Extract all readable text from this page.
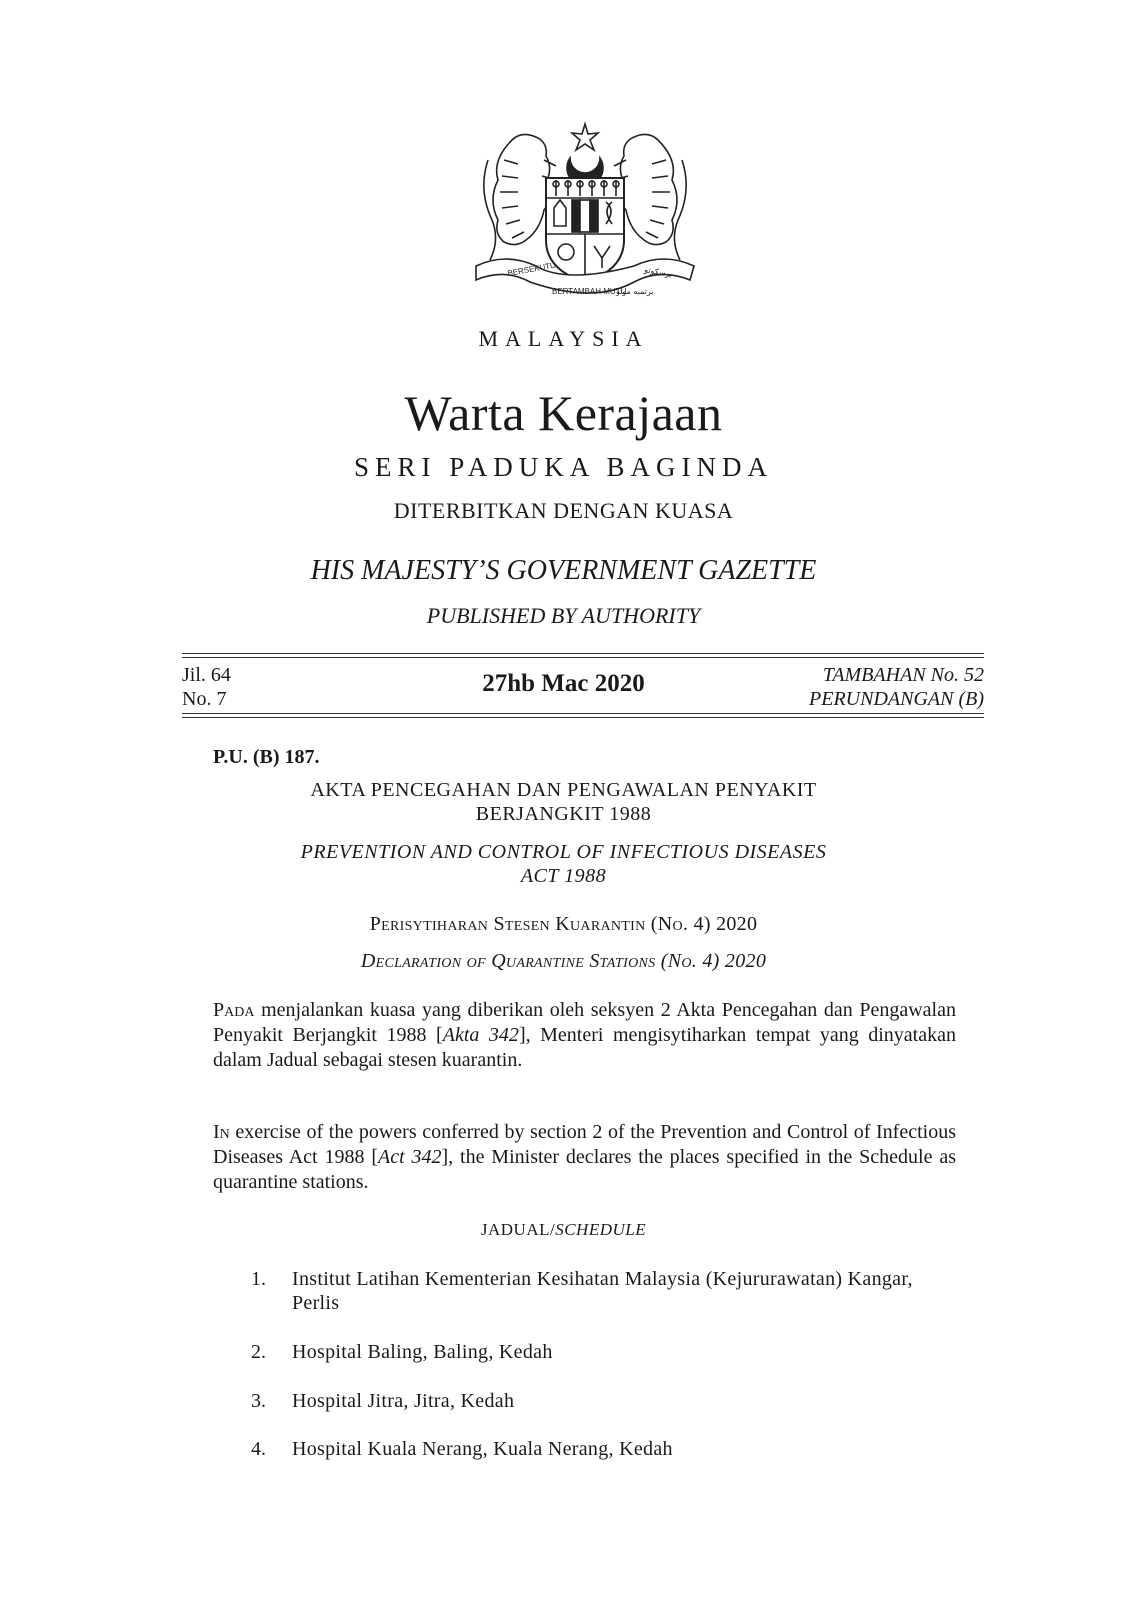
BERSEKUTU
BERTAMBAH MUTU
برتمبه موتو
برسكوتو
MALAYSIA
Warta Kerajaan
SERI PADUKA BAGINDA
DITERBITKAN DENGAN KUASA
HIS MAJESTY’S GOVERNMENT GAZETTE
PUBLISHED BY AUTHORITY
Jil. 64
No. 7
27hb Mac 2020	TAMBAHAN No. 52
PERUNDANGAN (B)
P.U. (B) 187.
AKTA PENCEGAHAN DAN PENGAWALAN PENYAKIT
BERJANGKIT 1988
PREVENTION AND CONTROL OF INFECTIOUS DISEASES
ACT 1988
Perisytiharan Stesen Kuarantin (No. 4) 2020
Declaration of Quarantine Stations (No. 4) 2020
Pada menjalankan kuasa yang diberikan oleh seksyen 2 Akta Pencegahan dan Pengawalan Penyakit Berjangkit 1988 [Akta 342], Menteri mengisytiharkan tempat yang dinyatakan dalam Jadual sebagai stesen kuarantin.
In exercise of the powers conferred by section 2 of the Prevention and Control of Infectious Diseases Act 1988 [Act 342], the Minister declares the places specified in the Schedule as quarantine stations.
JADUAL/SCHEDULE
1. Institut Latihan Kementerian Kesihatan Malaysia (Kejururawatan) Kangar, Perlis
2. Hospital Baling, Baling, Kedah
3. Hospital Jitra, Jitra, Kedah
4. Hospital Kuala Nerang, Kuala Nerang, Kedah
